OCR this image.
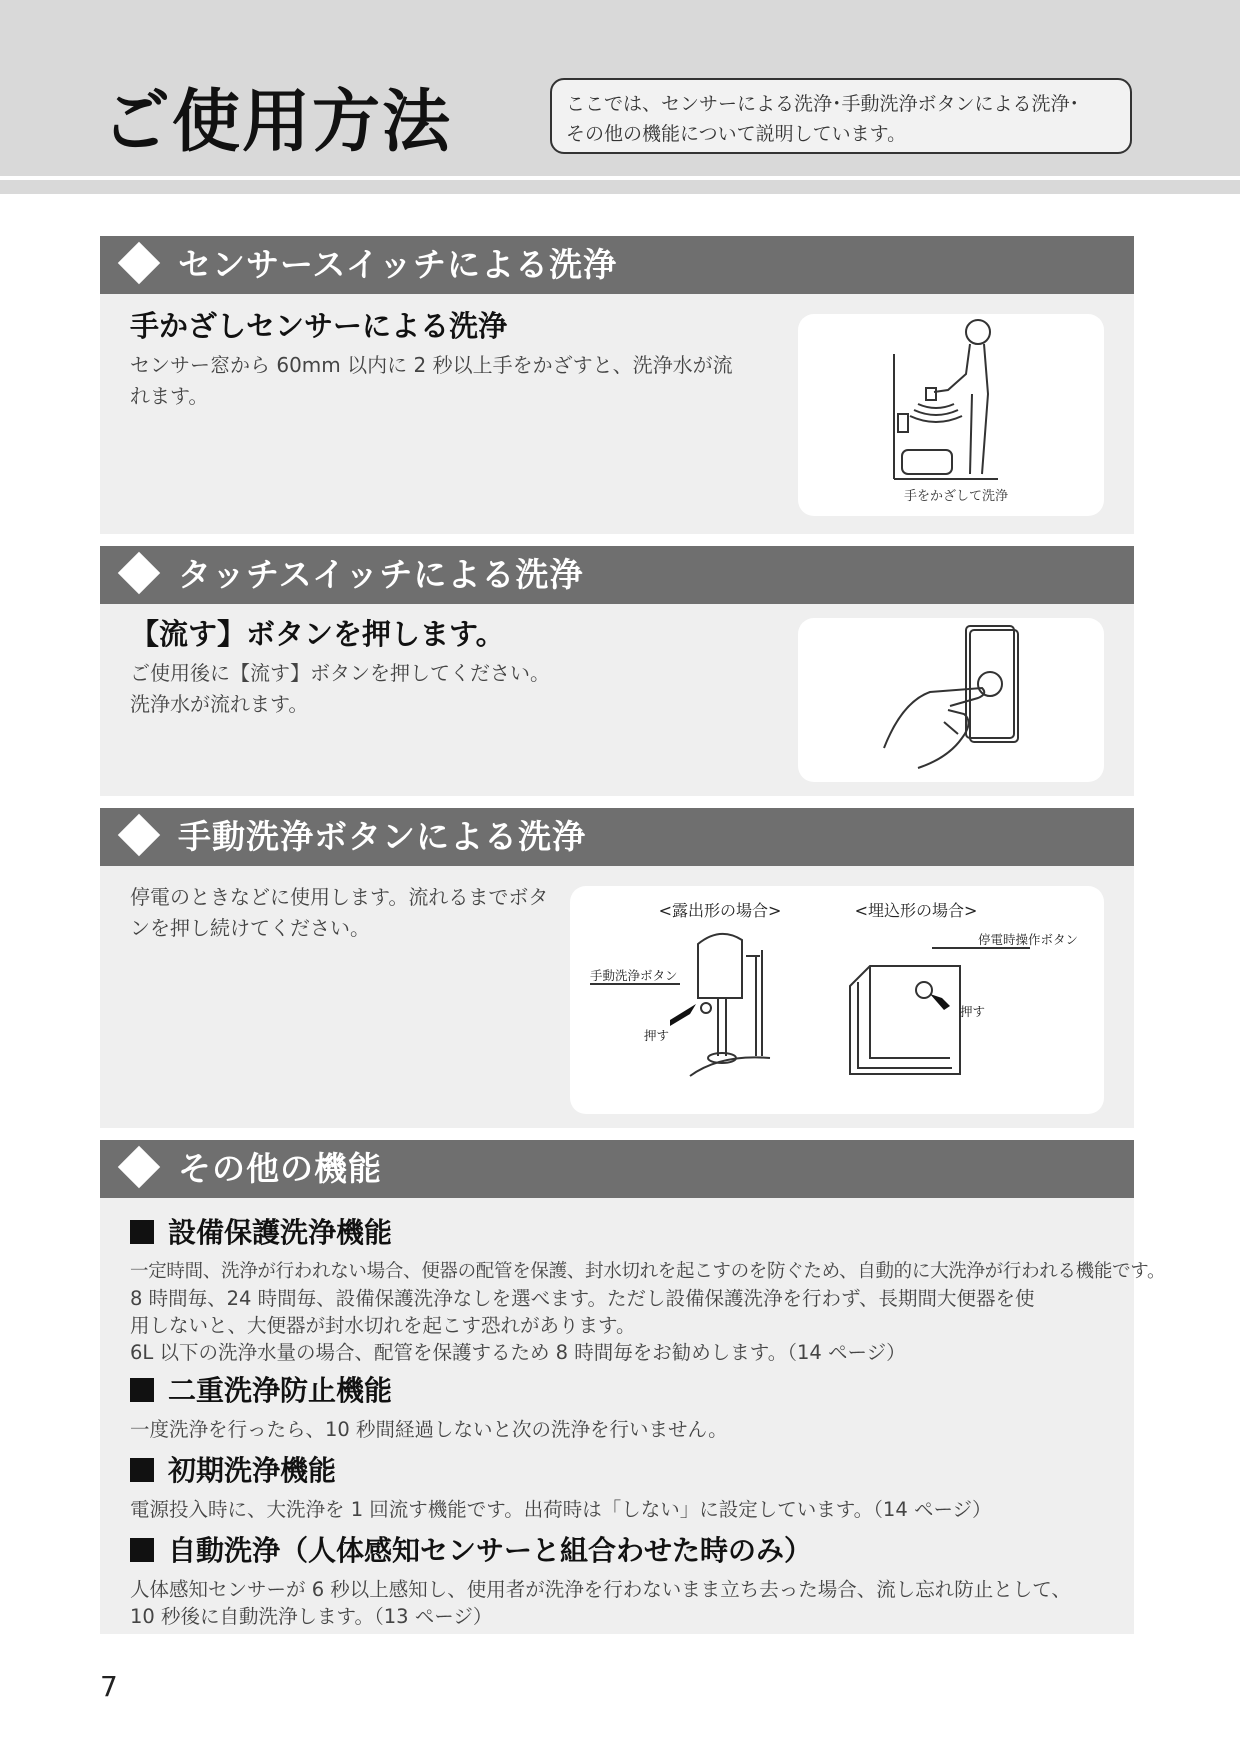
ご使用方法	ここでは、センサーによる洗浄･手動洗浄ボタンによる洗浄･
その他の機能について説明しています。
センサースイッチによる洗浄
手かざしセンサーによる洗浄
センサー窓から 60mm 以内に 2 秒以上手をかざすと、洗浄水が流
れます。
手をかざして洗浄
タッチスイッチによる洗浄
【流す】ボタンを押します。
ご使用後に【流す】ボタンを押してください。
洗浄水が流れます。
手動洗浄ボタンによる洗浄
停電のときなどに使用します。流れるまでボタ
ンを押し続けてください。
<露出形の場合>	<埋込形の場合>
手動洗浄ボタン
押す
停電時操作ボタン
押す
その他の機能
設備保護洗浄機能
一定時間、洗浄が行われない場合、便器の配管を保護、封水切れを起こすのを防ぐため、自動的に大洗浄が行われる機能です。
8 時間毎、24 時間毎、設備保護洗浄なしを選べます。ただし設備保護洗浄を行わず、長期間大便器を使
用しないと、大便器が封水切れを起こす恐れがあります。
6L 以下の洗浄水量の場合、配管を保護するため 8 時間毎をお勧めします。（14 ページ）
二重洗浄防止機能
一度洗浄を行ったら、10 秒間経過しないと次の洗浄を行いません。
初期洗浄機能
電源投入時に、大洗浄を 1 回流す機能です。出荷時は「しない」に設定しています。（14 ページ）
自動洗浄（人体感知センサーと組合わせた時のみ）
人体感知センサーが 6 秒以上感知し、使用者が洗浄を行わないまま立ち去った場合、流し忘れ防止として、
10 秒後に自動洗浄します。（13 ページ）
7
